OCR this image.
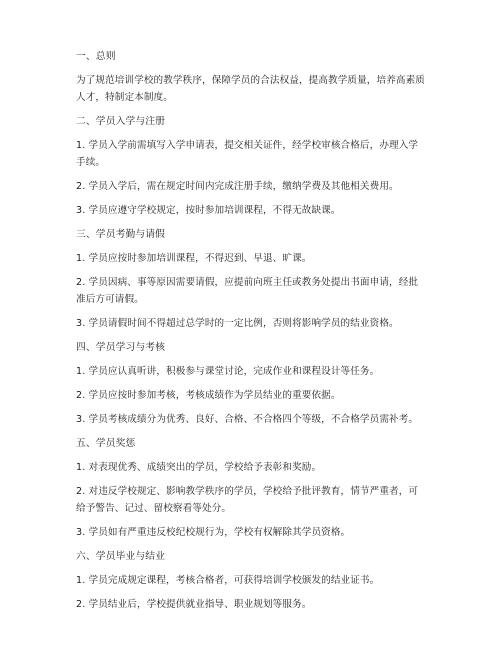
一、总则
为了规范培训学校的教学秩序，保障学员的合法权益，提高教学质量，培养高素质
人才，特制定本制度。
二、学员入学与注册
1. 学员入学前需填写入学申请表，提交相关证件，经学校审核合格后，办理入学
手续。
2. 学员入学后，需在规定时间内完成注册手续，缴纳学费及其他相关费用。
3. 学员应遵守学校规定，按时参加培训课程，不得无故缺课。
三、学员考勤与请假
1. 学员应按时参加培训课程，不得迟到、早退、旷课。
2. 学员因病、事等原因需要请假，应提前向班主任或教务处提出书面申请，经批
准后方可请假。
3. 学员请假时间不得超过总学时的一定比例，否则将影响学员的结业资格。
四、学员学习与考核
1. 学员应认真听讲，积极参与课堂讨论，完成作业和课程设计等任务。
2. 学员应按时参加考核，考核成绩作为学员结业的重要依据。
3. 学员考核成绩分为优秀、良好、合格、不合格四个等级，不合格学员需补考。
五、学员奖惩
1. 对表现优秀、成绩突出的学员，学校给予表彰和奖励。
2. 对违反学校规定、影响教学秩序的学员，学校给予批评教育，情节严重者，可
给予警告、记过、留校察看等处分。
3. 学员如有严重违反校纪校规行为，学校有权解除其学员资格。
六、学员毕业与结业
1. 学员完成规定课程，考核合格者，可获得培训学校颁发的结业证书。
2. 学员结业后，学校提供就业指导、职业规划等服务。
